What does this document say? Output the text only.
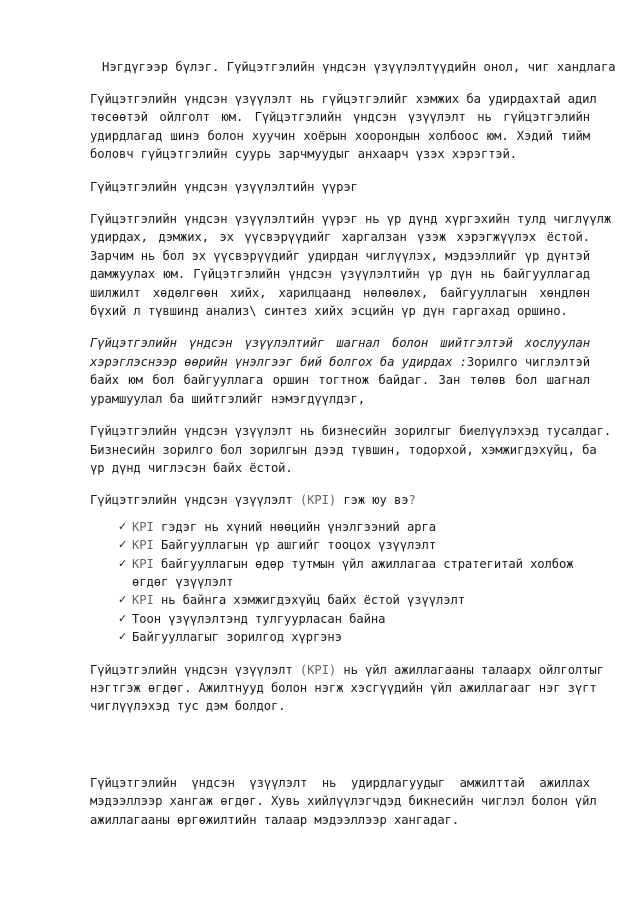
Нэгдүгээр бүлэг. Гүйцэтгэлийн үндсэн үзүүлэлтүүдийн онол, чиг хандлага
Гүйцэтгэлийн үндсэн үзүүлэлт нь гүйцэтгэлийг хэмжих ба удирдахтай адил
төсөөтэй ойлголт юм. Гүйцэтгэлийн үндсэн үзүүлэлт нь гүйцэтгэлийн
удирдлагад шинэ болон хуучин хоёрын хоорондын холбоос юм. Хэдий тийм
боловч гүйцэтгэлийн суурь зарчмуудыг анхаарч үзэх хэрэгтэй.
Гүйцэтгэлийн үндсэн үзүүлэлтийн үүрэг
Гүйцэтгэлийн үндсэн үзүүлэлтийн үүрэг нь үр дүнд хүргэхийн тулд чиглүүлж
удирдах, дэмжих, эх үүсвэрүүдийг харгалзан үзэж хэрэгжүүлэх ёстой.
Зарчим нь бол эх үүсвэрүүдийг удирдан чиглүүлэх, мэдээллийг үр дүнтэй
дамжуулах юм. Гүйцэтгэлийн үндсэн үзүүлэлтийн үр дүн нь байгууллагад
шилжилт хөдөлгөөн хийх, харилцаанд нөлөөлөх, байгууллагын хөндлөн
бүхий л түвшинд анализ\ синтез хийх эсцийн үр дүн гаргахад оршино.
Гүйцэтгэлийн үндсэн үзүүлэлтийг шагнал болон шийтгэлтэй хослуулан
хэрэглэснээр өөрийн үнэлгээг бий болгох ба удирдах :Зорилго чиглэлтэй
байх юм бол байгууллага оршин тогтнож байдаг. Зан төлөв бол шагнал
урамшуулал ба шийтгэлийг нэмэгдүүлдэг,
Гүйцэтгэлийн үндсэн үзүүлэлт нь бизнесийн зорилгыг биелүүлэхэд тусалдаг.
Бизнесийн зорилго бол зорилгын дээд түвшин, тодорхой, хэмжигдэхүйц, ба
үр дүнд чиглэсэн байх ёстой.
Гүйцэтгэлийн үндсэн үзүүлэлт (KPI) гэж юу вэ?
✓ KPI гэдэг нь хүний нөөцийн үнэлгээний арга
✓ KPI Байгууллагын үр ашгийг тооцох үзүүлэлт
✓ KPI байгууллагын өдөр тутмын үйл ажиллагаа стратегитай холбож
өгдөг үзүүлэлт
✓ KPI нь байнга хэмжигдэхүйц байх ёстой үзүүлэлт
✓ Тоон үзүүлэлтэнд тулгуурласан байна
✓ Байгууллагыг зорилгод хүргэнэ
Гүйцэтгэлийн үндсэн үзүүлэлт (KPI) нь үйл ажиллагааны талаарх ойлголтыг
нэгтгэж өгдөг. Ажилтнууд болон нэгж хэсгүүдийн үйл ажиллагааг нэг зүгт
чиглүүлэхэд тус дэм болдог.
Гүйцэтгэлийн үндсэн үзүүлэлт нь удирдлагуудыг амжилттай ажиллах
мэдээллээр хангаж өгдөг. Хувь хийлүүлэгчдэд бикнесийн чиглэл болон үйл
ажиллагааны өргөжилтийн талаар мэдээллээр хангадаг.
